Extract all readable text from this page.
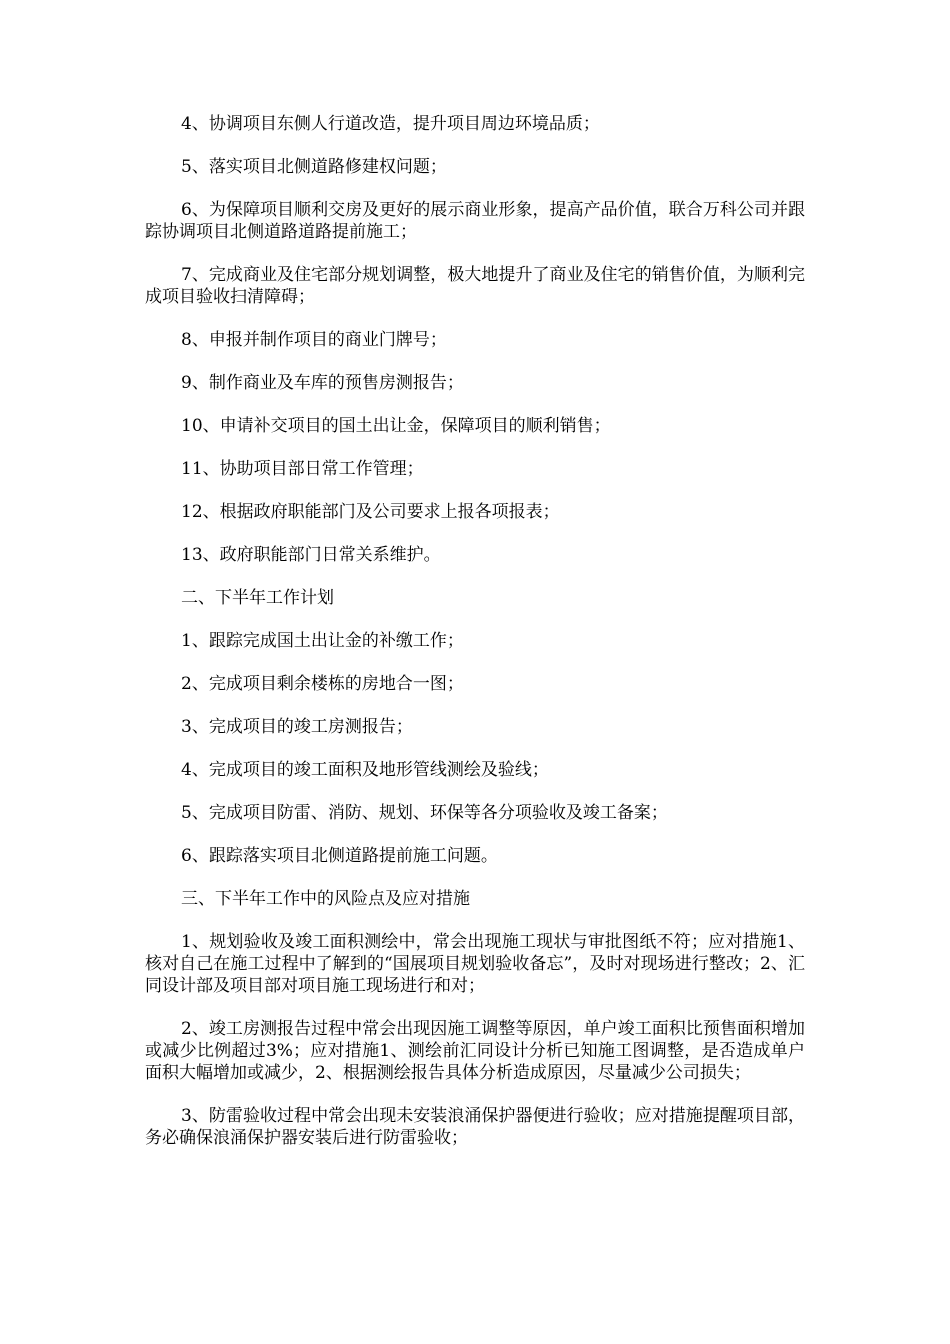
4、协调项目东侧人行道改造，提升项目周边环境品质；

5、落实项目北侧道路修建权问题；

6、为保障项目顺利交房及更好的展示商业形象，提高产品价值，联合万科公司并跟踪协调项目北侧道路道路提前施工；

7、完成商业及住宅部分规划调整，极大地提升了商业及住宅的销售价值，为顺利完成项目验收扫清障碍；

8、申报并制作项目的商业门牌号；

9、制作商业及车库的预售房测报告；

10、申请补交项目的国土出让金，保障项目的顺利销售；

11、协助项目部日常工作管理；

12、根据政府职能部门及公司要求上报各项报表；

13、政府职能部门日常关系维护。

二、下半年工作计划

1、跟踪完成国土出让金的补缴工作；

2、完成项目剩余楼栋的房地合一图；

3、完成项目的竣工房测报告；

4、完成项目的竣工面积及地形管线测绘及验线；

5、完成项目防雷、消防、规划、环保等各分项验收及竣工备案；

6、跟踪落实项目北侧道路提前施工问题。

三、下半年工作中的风险点及应对措施

1、规划验收及竣工面积测绘中，常会出现施工现状与审批图纸不符；应对措施1、核对自己在施工过程中了解到的“国展项目规划验收备忘”，及时对现场进行整改；2、汇同设计部及项目部对项目施工现场进行和对；

2、竣工房测报告过程中常会出现因施工调整等原因，单户竣工面积比预售面积增加或减少比例超过3%；应对措施1、测绘前汇同设计分析已知施工图调整，是否造成单户面积大幅增加或减少，2、根据测绘报告具体分析造成原因，尽量减少公司损失；

3、防雷验收过程中常会出现未安装浪涌保护器便进行验收；应对措施提醒项目部，务必确保浪涌保护器安装后进行防雷验收；
